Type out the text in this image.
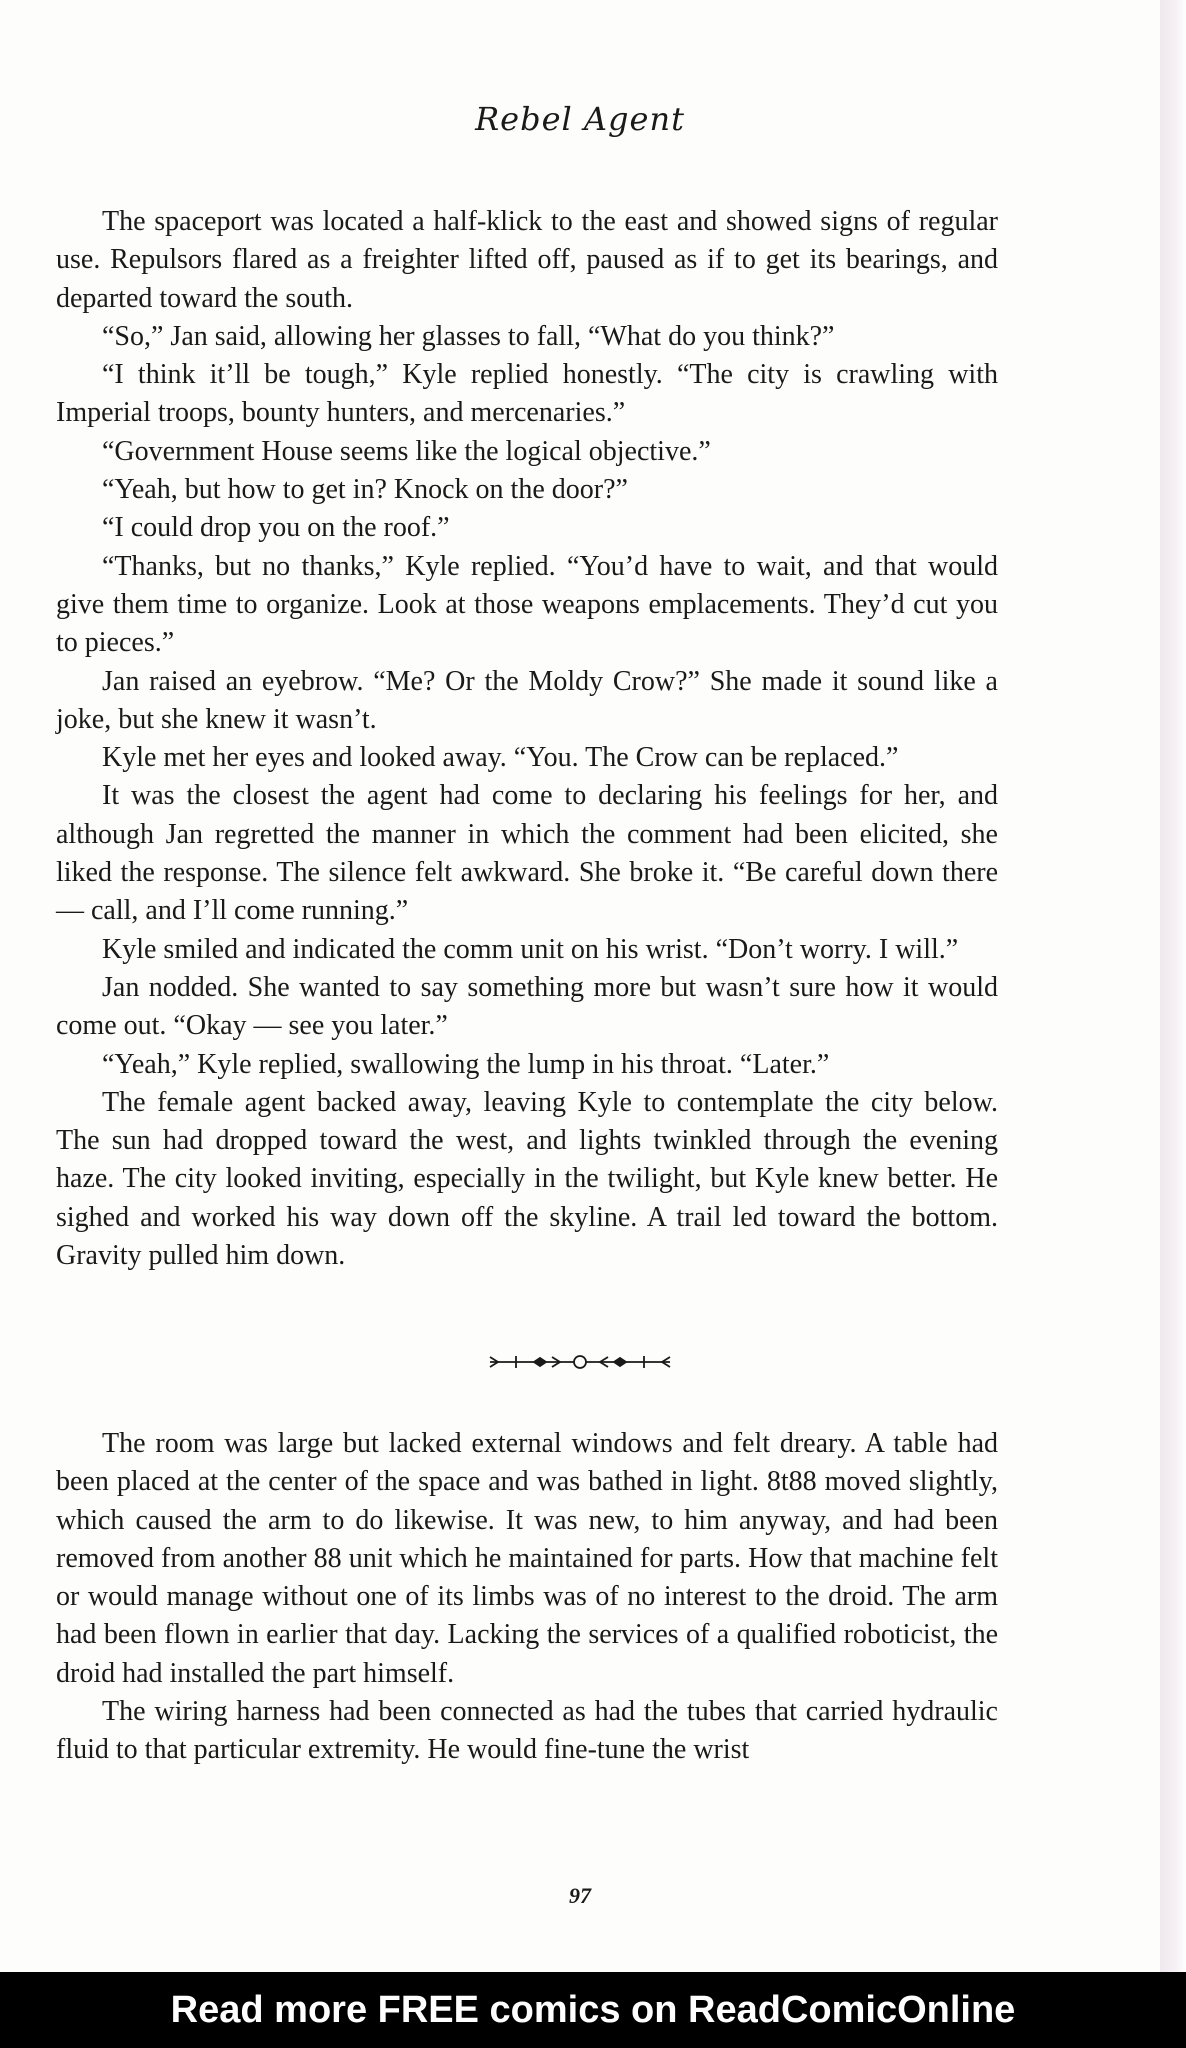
Rebel Agent

The spaceport was located a half-klick to the east and showed signs of regular use. Repulsors flared as a freighter lifted off, paused as if to get its bearings, and departed toward the south.

“So,” Jan said, allowing her glasses to fall, “What do you think?”

“I think it’ll be tough,” Kyle replied honestly. “The city is crawling with Imperial troops, bounty hunters, and mercenaries.”

“Government House seems like the logical objective.”

“Yeah, but how to get in? Knock on the door?”

“I could drop you on the roof.”

“Thanks, but no thanks,” Kyle replied. “You’d have to wait, and that would give them time to organize. Look at those weapons emplacements. They’d cut you to pieces.”

Jan raised an eyebrow. “Me? Or the Moldy Crow?” She made it sound like a joke, but she knew it wasn’t.

Kyle met her eyes and looked away. “You. The Crow can be replaced.”

It was the closest the agent had come to declaring his feelings for her, and although Jan regretted the manner in which the comment had been elicited, she liked the response. The silence felt awkward. She broke it. “Be careful down there — call, and I’ll come running.”

Kyle smiled and indicated the comm unit on his wrist. “Don’t worry. I will.”

Jan nodded. She wanted to say something more but wasn’t sure how it would come out. “Okay — see you later.”

“Yeah,” Kyle replied, swallowing the lump in his throat. “Later.”

The female agent backed away, leaving Kyle to contemplate the city below. The sun had dropped toward the west, and lights twinkled through the evening haze. The city looked inviting, especially in the twilight, but Kyle knew better. He sighed and worked his way down off the skyline. A trail led toward the bottom. Gravity pulled him down.

The room was large but lacked external windows and felt dreary. A table had been placed at the center of the space and was bathed in light. 8t88 moved slightly, which caused the arm to do likewise. It was new, to him anyway, and had been removed from another 88 unit which he maintained for parts. How that machine felt or would manage without one of its limbs was of no interest to the droid. The arm had been flown in earlier that day. Lacking the services of a qualified roboticist, the droid had installed the part himself.

The wiring harness had been connected as had the tubes that carried hydraulic fluid to that particular extremity. He would fine-tune the wrist

97
Read more FREE comics on ReadComicOnline
